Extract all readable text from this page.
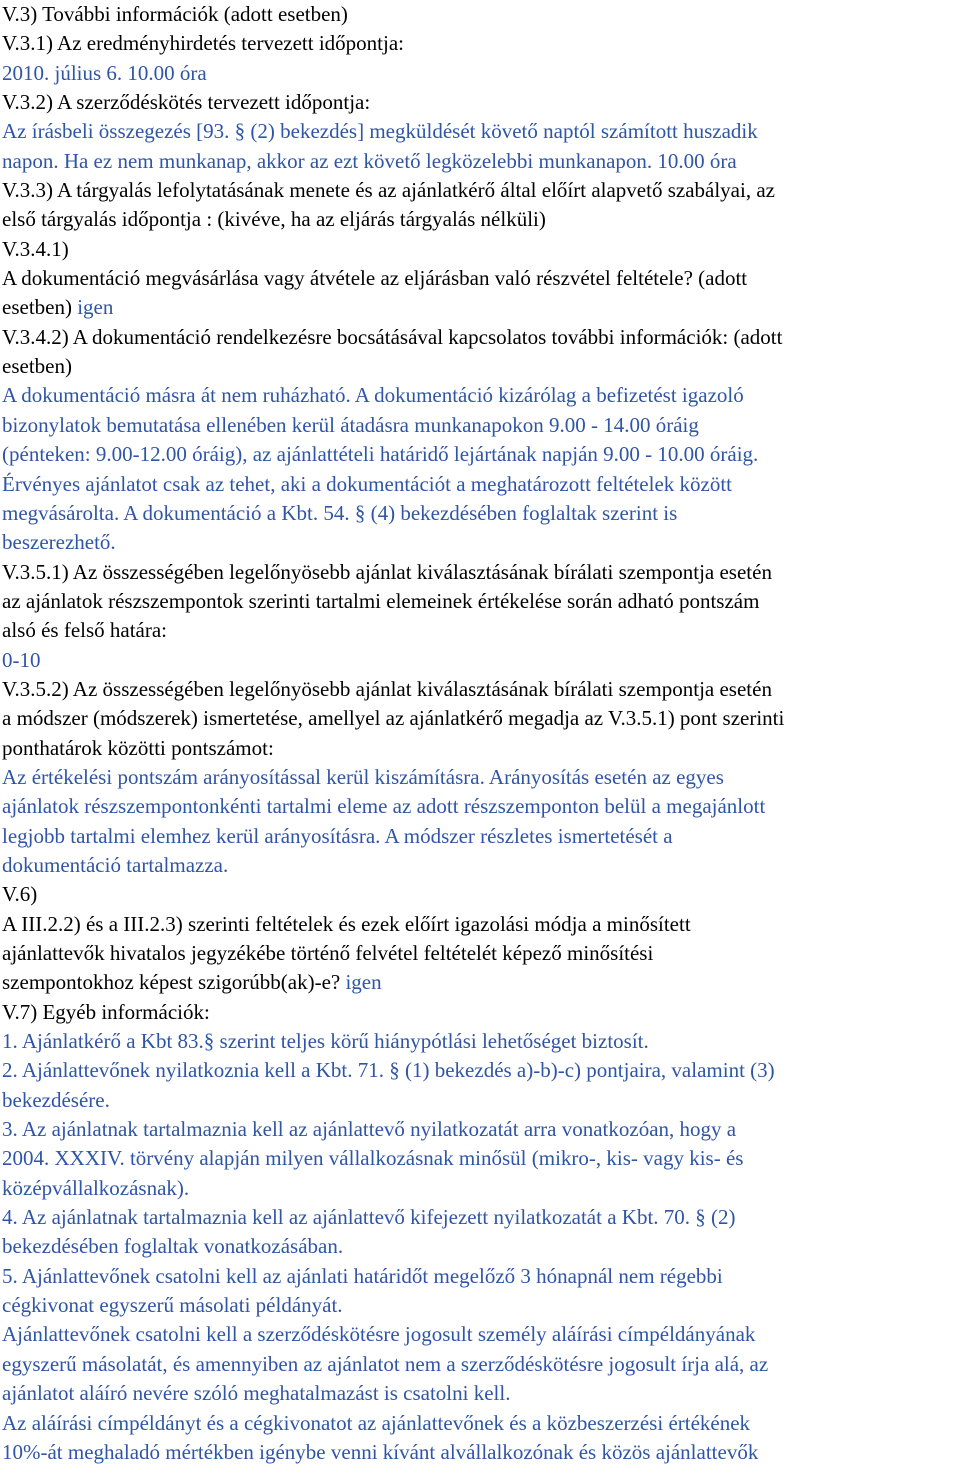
V.3) További információk (adott esetben)
V.3.1) Az eredményhirdetés tervezett időpontja:
2010. július 6. 10.00 óra
V.3.2) A szerződéskötés tervezett időpontja:
Az írásbeli összegezés [93. § (2) bekezdés] megküldését követő naptól számított huszadik
napon. Ha ez nem munkanap, akkor az ezt követő legközelebbi munkanapon. 10.00 óra
V.3.3) A tárgyalás lefolytatásának menete és az ajánlatkérő által előírt alapvető szabályai, az
első tárgyalás időpontja : (kivéve, ha az eljárás tárgyalás nélküli)
V.3.4.1)
A dokumentáció megvásárlása vagy átvétele az eljárásban való részvétel feltétele? (adott
esetben) igen
V.3.4.2) A dokumentáció rendelkezésre bocsátásával kapcsolatos további információk: (adott
esetben)
A dokumentáció másra át nem ruházható. A dokumentáció kizárólag a befizetést igazoló
bizonylatok bemutatása ellenében kerül átadásra munkanapokon 9.00 - 14.00 óráig
(pénteken: 9.00-12.00 óráig), az ajánlattételi határidő lejártának napján 9.00 - 10.00 óráig.
Érvényes ajánlatot csak az tehet, aki a dokumentációt a meghatározott feltételek között
megvásárolta. A dokumentáció a Kbt. 54. § (4) bekezdésében foglaltak szerint is
beszerezhető.
V.3.5.1) Az összességében legelőnyösebb ajánlat kiválasztásának bírálati szempontja esetén
az ajánlatok részszempontok szerinti tartalmi elemeinek értékelése során adható pontszám
alsó és felső határa:
0-10
V.3.5.2) Az összességében legelőnyösebb ajánlat kiválasztásának bírálati szempontja esetén
a módszer (módszerek) ismertetése, amellyel az ajánlatkérő megadja az V.3.5.1) pont szerinti
ponthatárok közötti pontszámot:
Az értékelési pontszám arányosítással kerül kiszámításra. Arányosítás esetén az egyes
ajánlatok részszempontonkénti tartalmi eleme az adott részszemponton belül a megajánlott
legjobb tartalmi elemhez kerül arányosításra. A módszer részletes ismertetését a
dokumentáció tartalmazza.
V.6)
A III.2.2) és a III.2.3) szerinti feltételek és ezek előírt igazolási módja a minősített
ajánlattevők hivatalos jegyzékébe történő felvétel feltételét képező minősítési
szempontokhoz képest szigorúbb(ak)-e? igen
V.7) Egyéb információk:
1. Ajánlatkérő a Kbt 83.§ szerint teljes körű hiánypótlási lehetőséget biztosít.
2. Ajánlattevőnek nyilatkoznia kell a Kbt. 71. § (1) bekezdés a)-b)-c) pontjaira, valamint (3)
bekezdésére.
3. Az ajánlatnak tartalmaznia kell az ajánlattevő nyilatkozatát arra vonatkozóan, hogy a
2004. XXXIV. törvény alapján milyen vállalkozásnak minősül (mikro-, kis- vagy kis- és
középvállalkozásnak).
4. Az ajánlatnak tartalmaznia kell az ajánlattevő kifejezett nyilatkozatát a Kbt. 70. § (2)
bekezdésében foglaltak vonatkozásában.
5. Ajánlattevőnek csatolni kell az ajánlati határidőt megelőző 3 hónapnál nem régebbi
cégkivonat egyszerű másolati példányát.
Ajánlattevőnek csatolni kell a szerződéskötésre jogosult személy aláírási címpéldányának
egyszerű másolatát, és amennyiben az ajánlatot nem a szerződéskötésre jogosult írja alá, az
ajánlatot aláíró nevére szóló meghatalmazást is csatolni kell.
Az aláírási címpéldányt és a cégkivonatot az ajánlattevőnek és a közbeszerzési értékének
10%-át meghaladó mértékben igénybe venni kívánt alvállalkozónak és közös ajánlattevők
